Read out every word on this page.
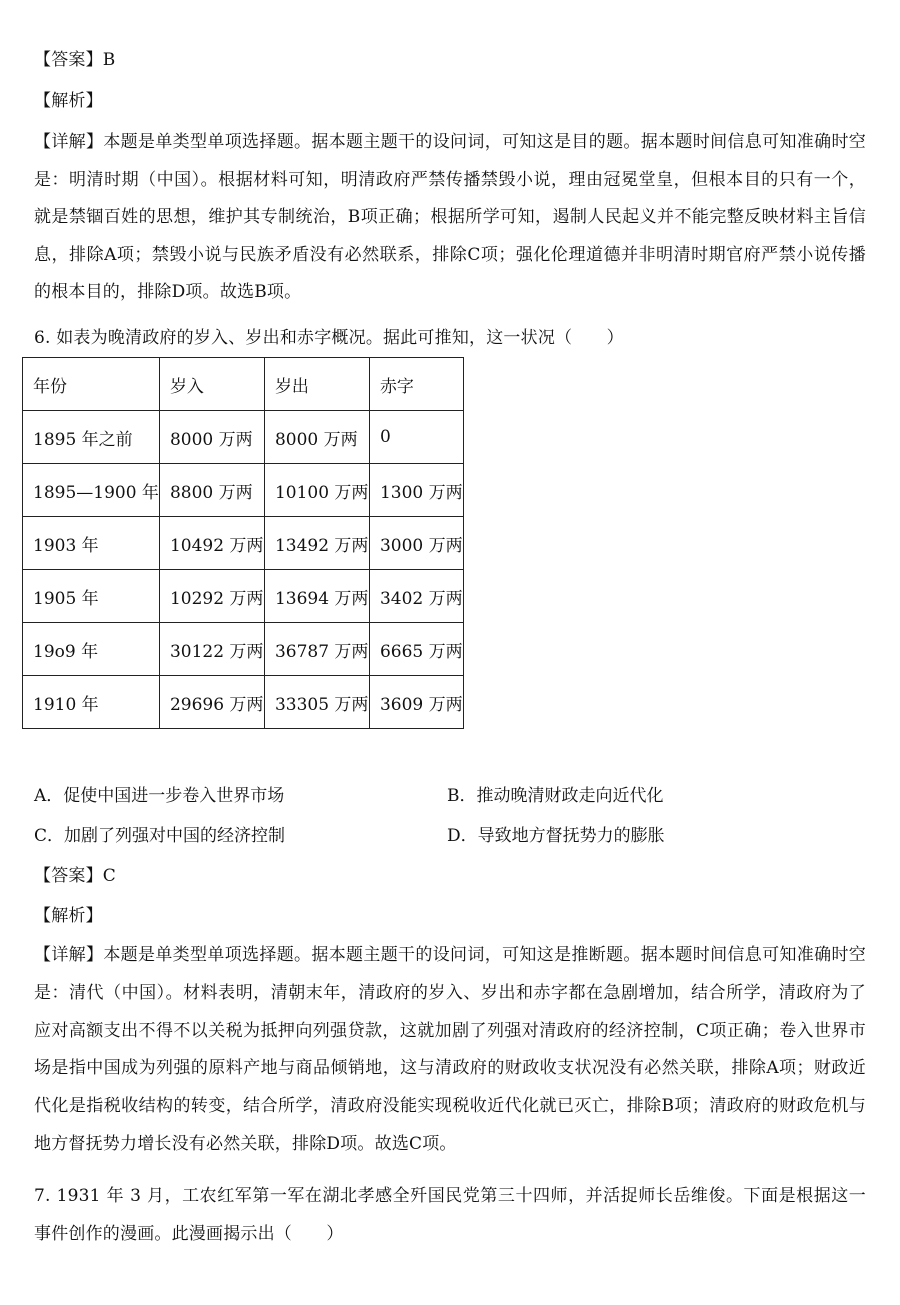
【答案】B
【解析】
【详解】本题是单类型单项选择题。据本题主题干的设问词，可知这是目的题。据本题时间信息可知准确时空是：明清时期（中国）。根据材料可知，明清政府严禁传播禁毁小说，理由冠冕堂皇，但根本目的只有一个，就是禁锢百姓的思想，维护其专制统治，B项正确；根据所学可知，遏制人民起义并不能完整反映材料主旨信息，排除A项；禁毁小说与民族矛盾没有必然联系，排除C项；强化伦理道德并非明清时期官府严禁小说传播的根本目的，排除D项。故选B项。
6. 如表为晚清政府的岁入、岁出和赤字概况。据此可推知，这一状况（　　）
年份	岁入	岁出	赤字
1895 年之前	8000 万两	8000 万两	0
1895—1900 年	8800 万两	10100 万两	1300 万两
1903 年	10492 万两	13492 万两	3000 万两
1905 年	10292 万两	13694 万两	3402 万两
19o9 年	30122 万两	36787 万两	6665 万两
1910 年	29696 万两	33305 万两	3609 万两
A．促使中国进一步卷入世界市场	B．推动晚清财政走向近代化
C．加剧了列强对中国的经济控制	D．导致地方督抚势力的膨胀
【答案】C
【解析】
【详解】本题是单类型单项选择题。据本题主题干的设问词，可知这是推断题。据本题时间信息可知准确时空是：清代（中国）。材料表明，清朝末年，清政府的岁入、岁出和赤字都在急剧增加，结合所学，清政府为了应对高额支出不得不以关税为抵押向列强贷款，这就加剧了列强对清政府的经济控制，C项正确；卷入世界市场是指中国成为列强的原料产地与商品倾销地，这与清政府的财政收支状况没有必然关联，排除A项；财政近代化是指税收结构的转变，结合所学，清政府没能实现税收近代化就已灭亡，排除B项；清政府的财政危机与地方督抚势力增长没有必然关联，排除D项。故选C项。
7. 1931 年 3 月，工农红军第一军在湖北孝感全歼国民党第三十四师，并活捉师长岳维俊。下面是根据这一事件创作的漫画。此漫画揭示出（　　）
